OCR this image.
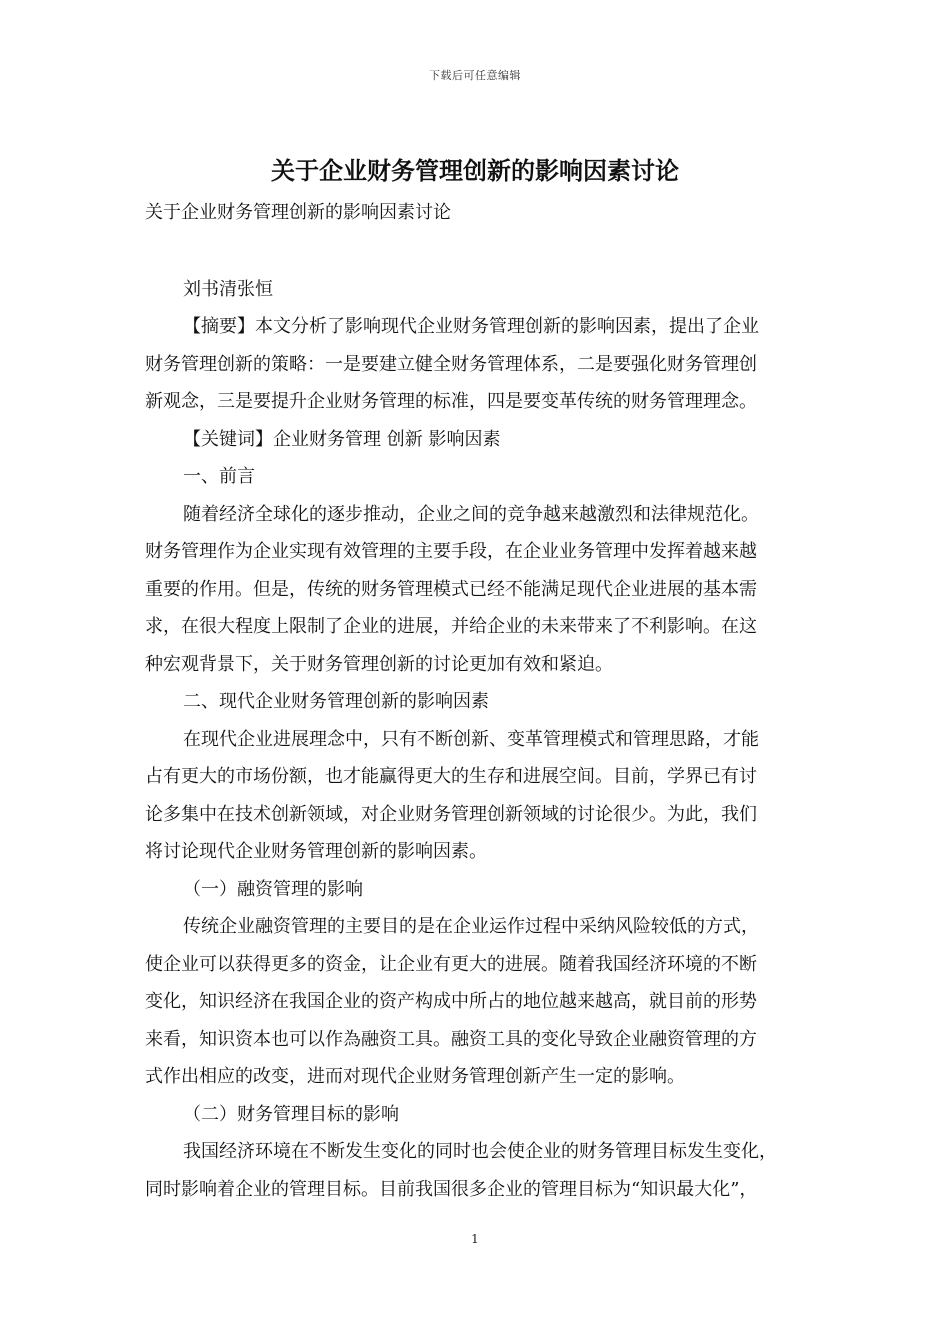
下载后可任意编辑
关于企业财务管理创新的影响因素讨论

关于企业财务管理创新的影响因素讨论

刘书清张恒

【摘要】本文分析了影响现代企业财务管理创新的影响因素，提出了企业

财务管理创新的策略：一是要建立健全财务管理体系，二是要强化财务管理创

新观念，三是要提升企业财务管理的标准，四是要变革传统的财务管理理念。

【关键词】企业财务管理 创新 影响因素

一、前言

随着经济全球化的逐步推动，企业之间的竞争越来越激烈和法律规范化。

财务管理作为企业实现有效管理的主要手段，在企业业务管理中发挥着越来越

重要的作用。但是，传统的财务管理模式已经不能满足现代企业进展的基本需

求，在很大程度上限制了企业的进展，并给企业的未来带来了不利影响。在这

种宏观背景下，关于财务管理创新的讨论更加有效和紧迫。

二、现代企业财务管理创新的影响因素

在现代企业进展理念中，只有不断创新、变革管理模式和管理思路，才能

占有更大的市场份额，也才能赢得更大的生存和进展空间。目前，学界已有讨

论多集中在技术创新领域，对企业财务管理创新领域的讨论很少。为此，我们

将讨论现代企业财务管理创新的影响因素。

（一）融资管理的影响

传统企业融资管理的主要目的是在企业运作过程中采纳风险较低的方式，

使企业可以获得更多的资金，让企业有更大的进展。随着我国经济环境的不断

变化，知识经济在我国企业的资产构成中所占的地位越来越高，就目前的形势

来看，知识资本也可以作為融资工具。融资工具的变化导致企业融资管理的方

式作出相应的改变，进而对现代企业财务管理创新产生一定的影响。

（二）财务管理目标的影响

我国经济环境在不断发生变化的同时也会使企业的财务管理目标发生变化，

同时影响着企业的管理目标。目前我国很多企业的管理目标为“知识最大化”，

1
